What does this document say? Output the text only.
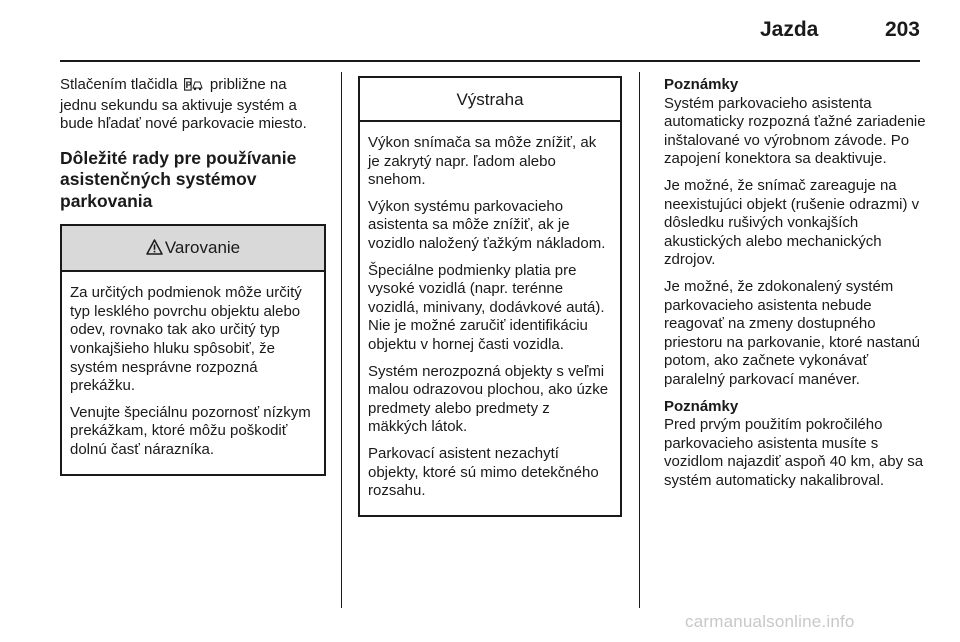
Jazda	203

Stlačením tlačidla P približne na jednu sekundu sa aktivuje systém a bude hľadať nové parkovacie miesto.

Dôležité rady pre používanie asistenčných systémov parkovania
Varovanie

Za určitých podmienok môže určitý typ lesklého povrchu objektu alebo odev, rovnako tak ako určitý typ vonkajšieho hluku spôsobiť, že systém nesprávne rozpozná prekážku.

Venujte špeciálnu pozornosť nízkym prekážkam, ktoré môžu poškodiť dolnú časť nárazníka.

Výstraha

Výkon snímača sa môže znížiť, ak je zakrytý napr. ľadom alebo snehom.

Výkon systému parkovacieho asistenta sa môže znížiť, ak je vozidlo naložený ťažkým nákladom.

Špeciálne podmienky platia pre vysoké vozidlá (napr. terénne vozidlá, minivany, dodávkové autá). Nie je možné zaručiť identifikáciu objektu v hornej časti vozidla.

Systém nerozpozná objekty s veľmi malou odrazovou plochou, ako úzke predmety alebo predmety z mäkkých látok.

Parkovací asistent nezachytí objekty, ktoré sú mimo detekčného rozsahu.

Poznámky

Systém parkovacieho asistenta automaticky rozpozná ťažné zariadenie inštalované vo výrobnom závode. Po zapojení konektora sa deaktivuje.

Je možné, že snímač zareaguje na neexistujúci objekt (rušenie odrazmi) v dôsledku rušivých vonkajších akustických alebo mechanických zdrojov.

Je možné, že zdokonalený systém parkovacieho asistenta nebude reagovať na zmeny dostupného priestoru na parkovanie, ktoré nastanú potom, ako začnete vykonávať paralelný parkovací manéver.

Poznámky

Pred prvým použitím pokročilého parkovacieho asistenta musíte s vozidlom najazdiť aspoň 40 km, aby sa systém automaticky nakalibroval.

carmanualsonline.info
